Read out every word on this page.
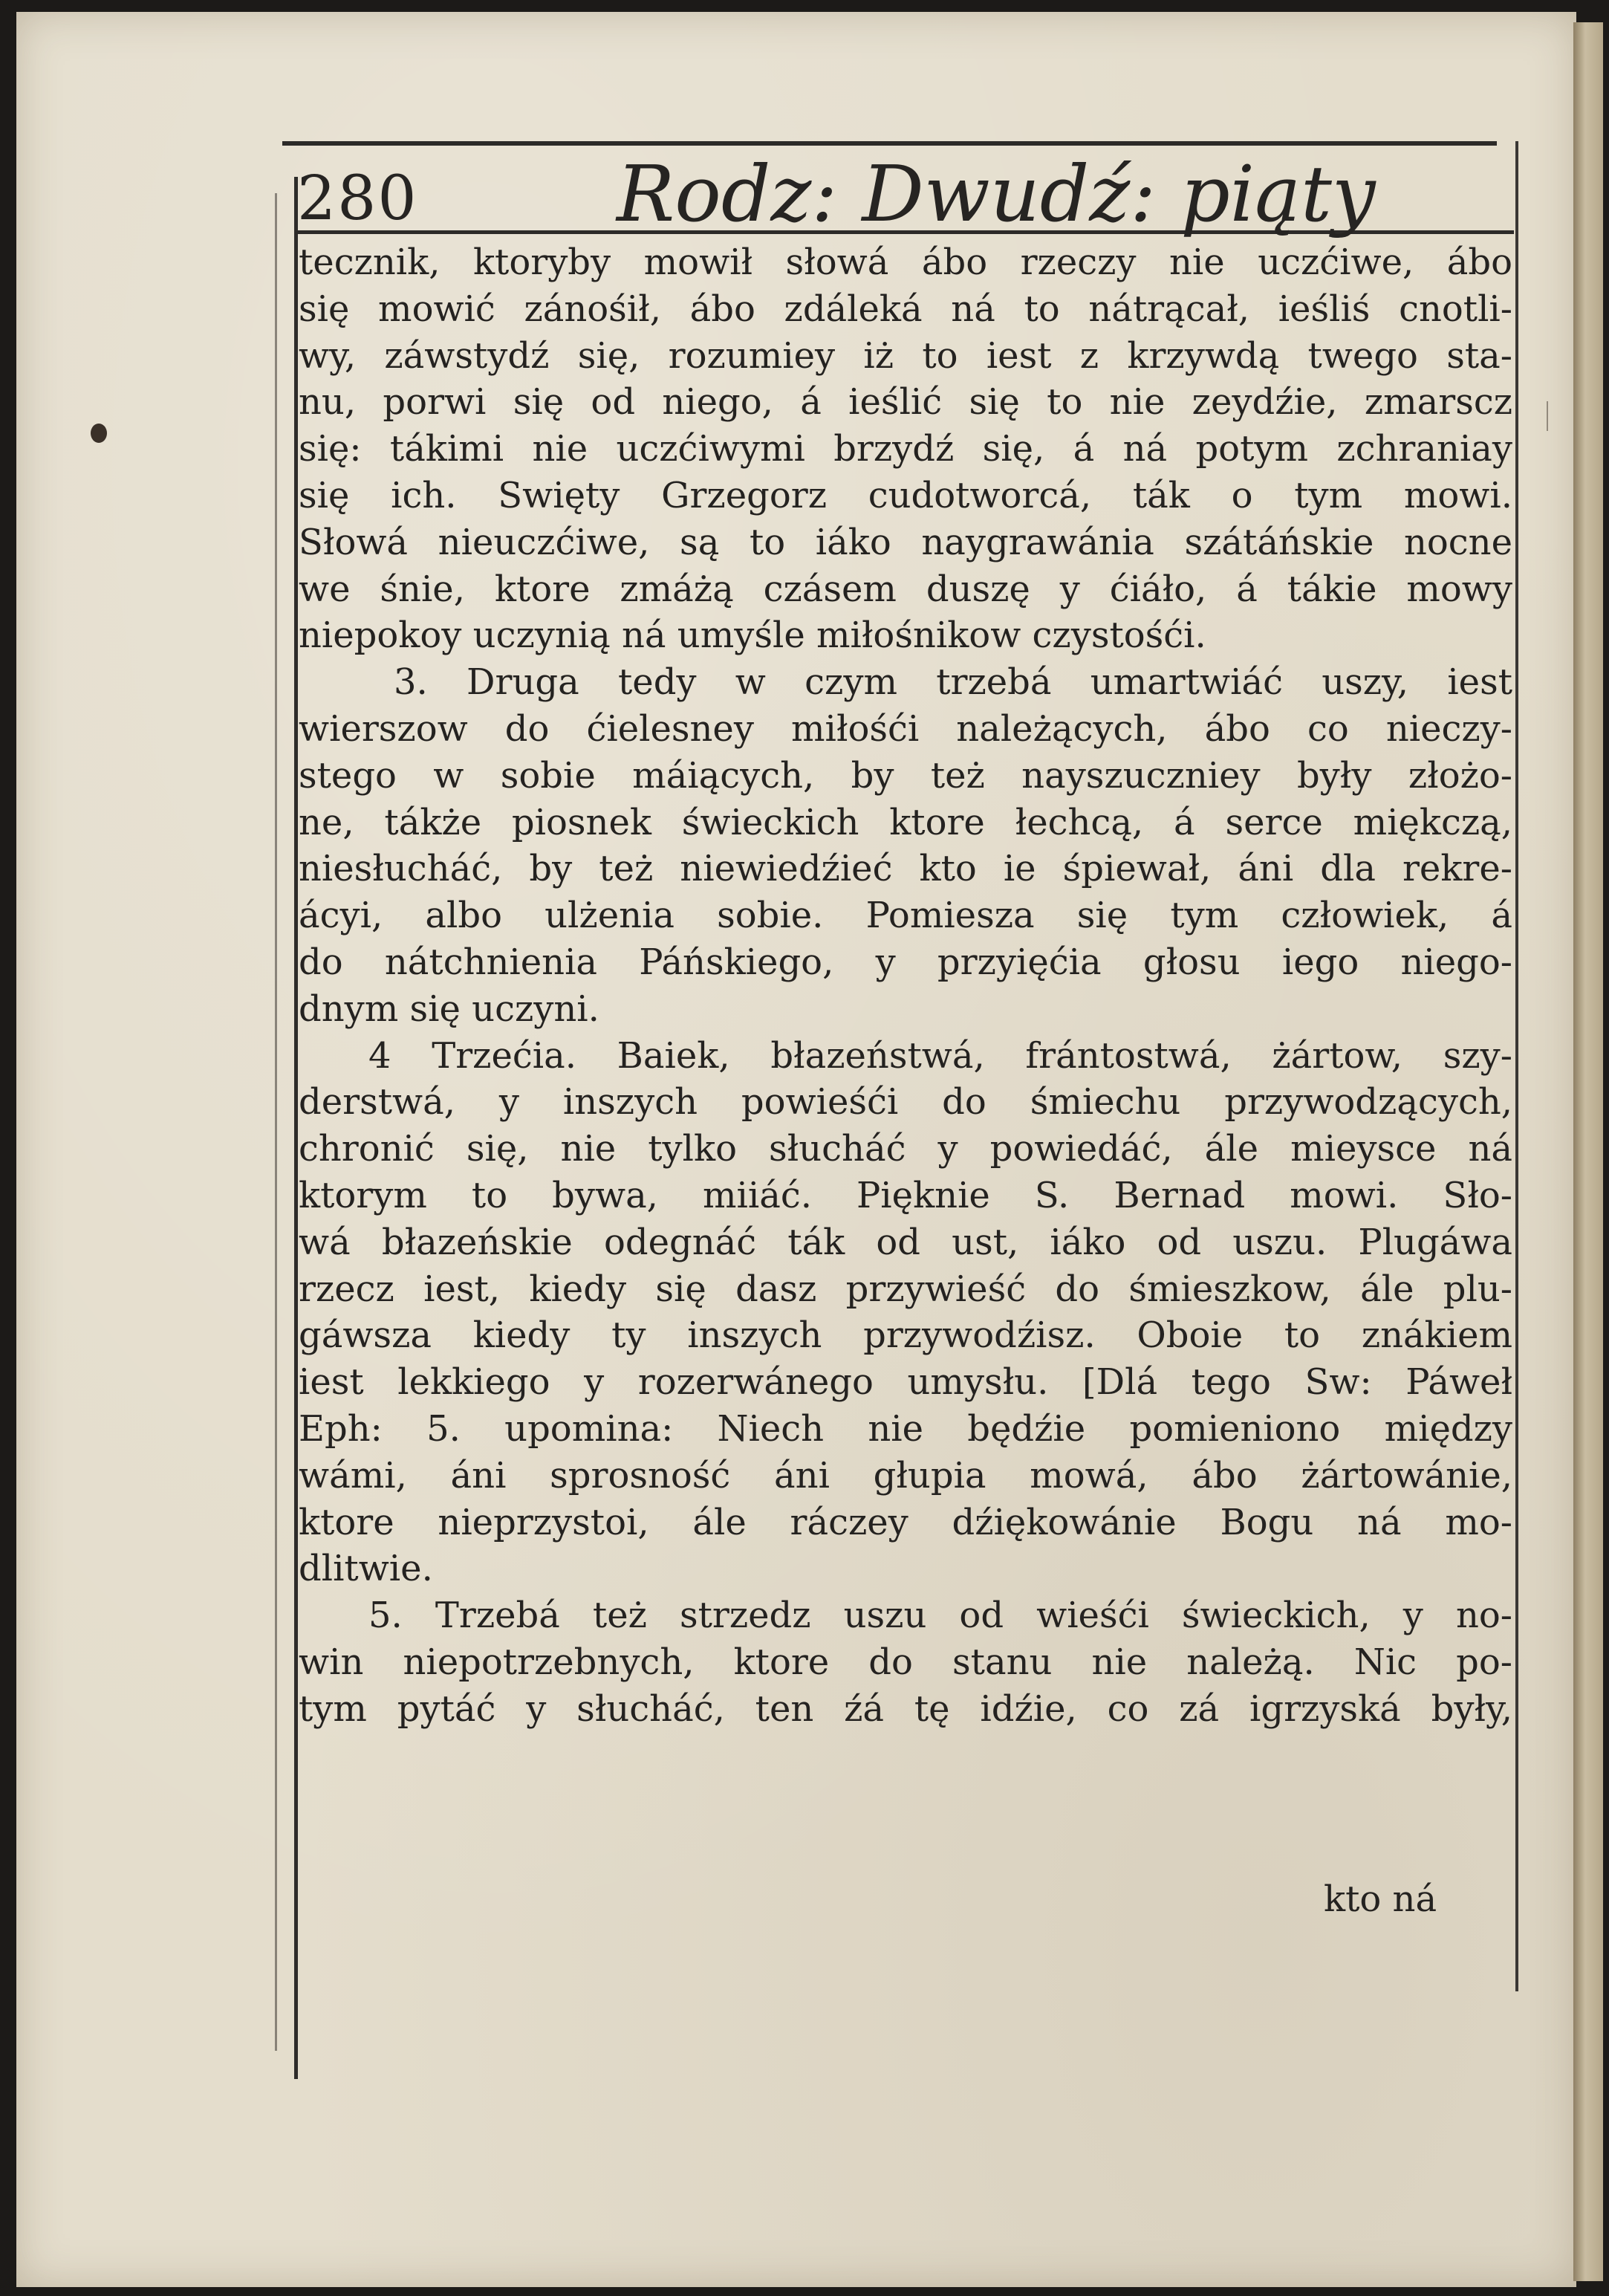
280	Rodz: Dwudź: piąty
tecznik, ktoryby mowił słowá ábo rzeczy nie uczćiwe, ábo
się mowić zánośił, ábo zdáleká ná to nátrącał, ieśliś cnotli-
wy, záwstydź się, rozumiey iż to iest z krzywdą twego sta-
nu, porwi się od niego, á ieślić się to nie zeydźie, zmarscz
się: tákimi nie uczćiwymi brzydź się, á ná potym zchraniay
się ich. Swięty Grzegorz cudotworcá, ták o tym mowi.
Słowá nieuczćiwe, są to iáko naygrawánia szátáńskie nocne
we śnie, ktore zmáżą czásem duszę y ćiáło, á tákie mowy
niepokoy uczynią ná umyśle miłośnikow czystośći.
3. Druga tedy w czym trzebá umartwiáć uszy, iest
wierszow do ćielesney miłośći należących, ábo co nieczy-
stego w sobie máiących, by też nayszuczniey były złożo-
ne, tákże piosnek świeckich ktore łechcą, á serce miękczą,
niesłucháć, by też niewiedźieć kto ie śpiewał, áni dla rekre-
ácyi, albo ulżenia sobie. Pomiesza się tym człowiek, á
do nátchnienia Páńskiego, y przyięćia głosu iego niego-
dnym się uczyni.
4 Trzećia. Baiek, błazeństwá, frántostwá, żártow, szy-
derstwá, y inszych powieśći do śmiechu przywodzących,
chronić się, nie tylko słucháć y powiedáć, ále mieysce ná
ktorym to bywa, miiáć. Pięknie S. Bernad mowi. Sło-
wá błazeńskie odegnáć ták od ust, iáko od uszu. Plugáwa
rzecz iest, kiedy się dasz przywieść do śmieszkow, ále plu-
gáwsza kiedy ty inszych przywodźisz. Oboie to znákiem
iest lekkiego y rozerwánego umysłu. [Dlá tego Sw: Páweł
Eph: 5. upomina: Niech nie będźie pomieniono między
wámi, áni sprosność áni głupia mowá, ábo żártowánie,
ktore nieprzystoi, ále ráczey dźiękowánie Bogu ná mo-
dlitwie.
5. Trzebá też strzedz uszu od wieśći świeckich, y no-
win niepotrzebnych, ktore do stanu nie należą. Nic po-
tym pytáć y słucháć, ten źá tę idźie, co zá igrzyská były,
kto ná
